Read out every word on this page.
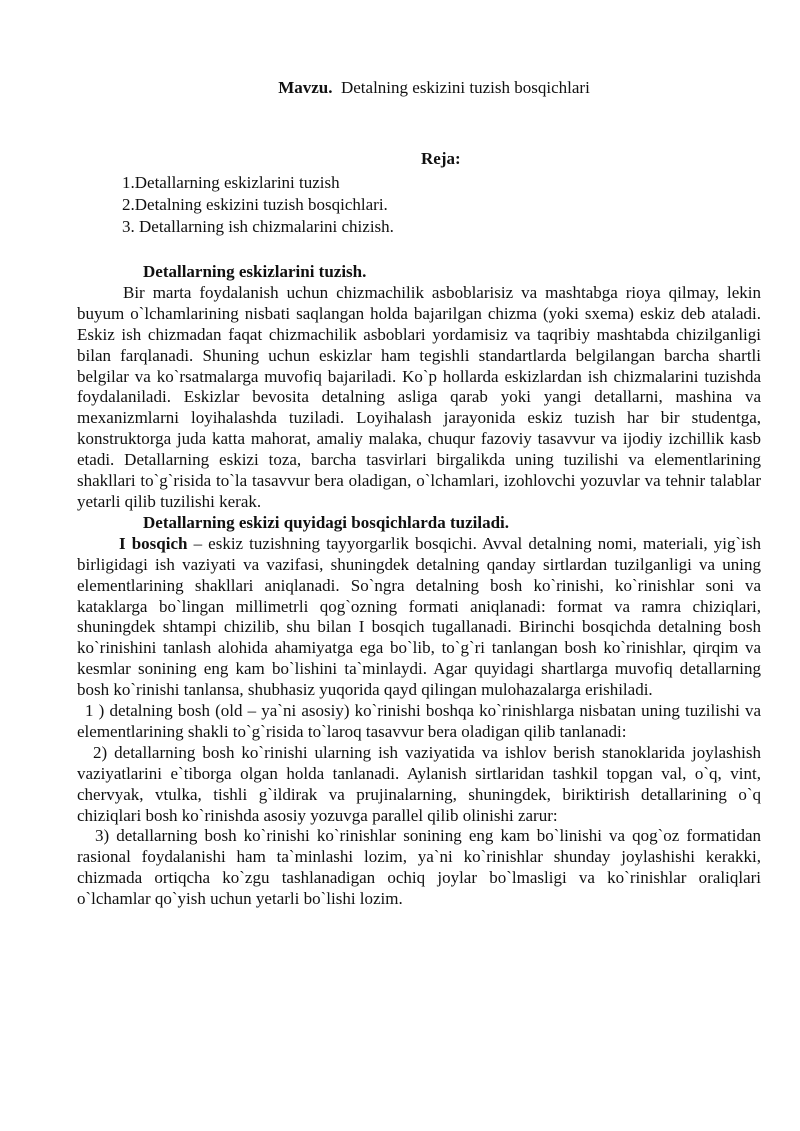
Mavzu. Detalning eskizini tuzish bosqichlari
Reja:
1.Detallarning eskizlarini tuzish
2.Detalning eskizini tuzish bosqichlari.
3. Detallarning ish chizmalarini chizish.
Detallarning eskizlarini tuzish.

Bir marta foydalanish uchun chizmachilik asboblarisiz va mashtabga rioya qilmay, lekin buyum o`lchamlarining nisbati saqlangan holda bajarilgan chizma (yoki sxema) eskiz deb ataladi. Eskiz ish chizmadan faqat chizmachilik asboblari yordamisiz va taqribiy mashtabda chizilganligi bilan farqlanadi. Shuning uchun eskizlar ham tegishli standartlarda belgilangan barcha shartli belgilar va ko`rsatmalarga muvofiq bajariladi. Ko`p hollarda eskizlardan ish chizmalarini tuzishda foydalaniladi. Eskizlar bevosita detalning asliga qarab yoki yangi detallarni, mashina va mexanizmlarni loyihalashda tuziladi. Loyihalash jarayonida eskiz tuzish har bir studentga, konstruktorga juda katta mahorat, amaliy malaka, chuqur fazoviy tasavvur va ijodiy izchillik kasb etadi. Detallarning eskizi toza, barcha tasvirlari birgalikda uning tuzilishi va elementlarining shakllari to`g`risida to`la tasavvur bera oladigan, o`lchamlari, izohlovchi yozuvlar va tehnir talablar yetarli qilib tuzilishi kerak.

Detallarning eskizi quyidagi bosqichlarda tuziladi.

I bosqich – eskiz tuzishning tayyorgarlik bosqichi. Avval detalning nomi, materiali, yig`ish birligidagi ish vaziyati va vazifasi, shuningdek detalning qanday sirtlardan tuzilganligi va uning elementlarining shakllari aniqlanadi. So`ngra detalning bosh ko`rinishi, ko`rinishlar soni va kataklarga bo`lingan millimetrli qog`ozning formati aniqlanadi: format va ramra chiziqlari, shuningdek shtampi chizilib, shu bilan I bosqich tugallanadi. Birinchi bosqichda detalning bosh ko`rinishini tanlash alohida ahamiyatga ega bo`lib, to`g`ri tanlangan bosh ko`rinishlar, qirqim va kesmlar sonining eng kam bo`lishini ta`minlaydi. Agar quyidagi shartlarga muvofiq detallarning bosh ko`rinishi tanlansa, shubhasiz yuqorida qayd qilingan mulohazalarga erishiladi.

1 ) detalning bosh (old – ya`ni asosiy) ko`rinishi boshqa ko`rinishlarga nisbatan uning tuzilishi va elementlarining shakli to`g`risida to`laroq tasavvur bera oladigan qilib tanlanadi:

2) detallarning bosh ko`rinishi ularning ish vaziyatida va ishlov berish stanoklarida joylashish vaziyatlarini e`tiborga olgan holda tanlanadi. Aylanish sirtlaridan tashkil topgan val, o`q, vint, chervyak, vtulka, tishli g`ildirak va prujinalarning, shuningdek, biriktirish detallarining o`q chiziqlari bosh ko`rinishda asosiy yozuvga parallel qilib olinishi zarur:

3) detallarning bosh ko`rinishi ko`rinishlar sonining eng kam bo`linishi va qog`oz formatidan rasional foydalanishi ham ta`minlashi lozim, ya`ni ko`rinishlar shunday joylashishi kerakki, chizmada ortiqcha ko`zgu tashlanadigan ochiq joylar bo`lmasligi va ko`rinishlar oraliqlari o`lchamlar qo`yish uchun yetarli bo`lishi lozim.
